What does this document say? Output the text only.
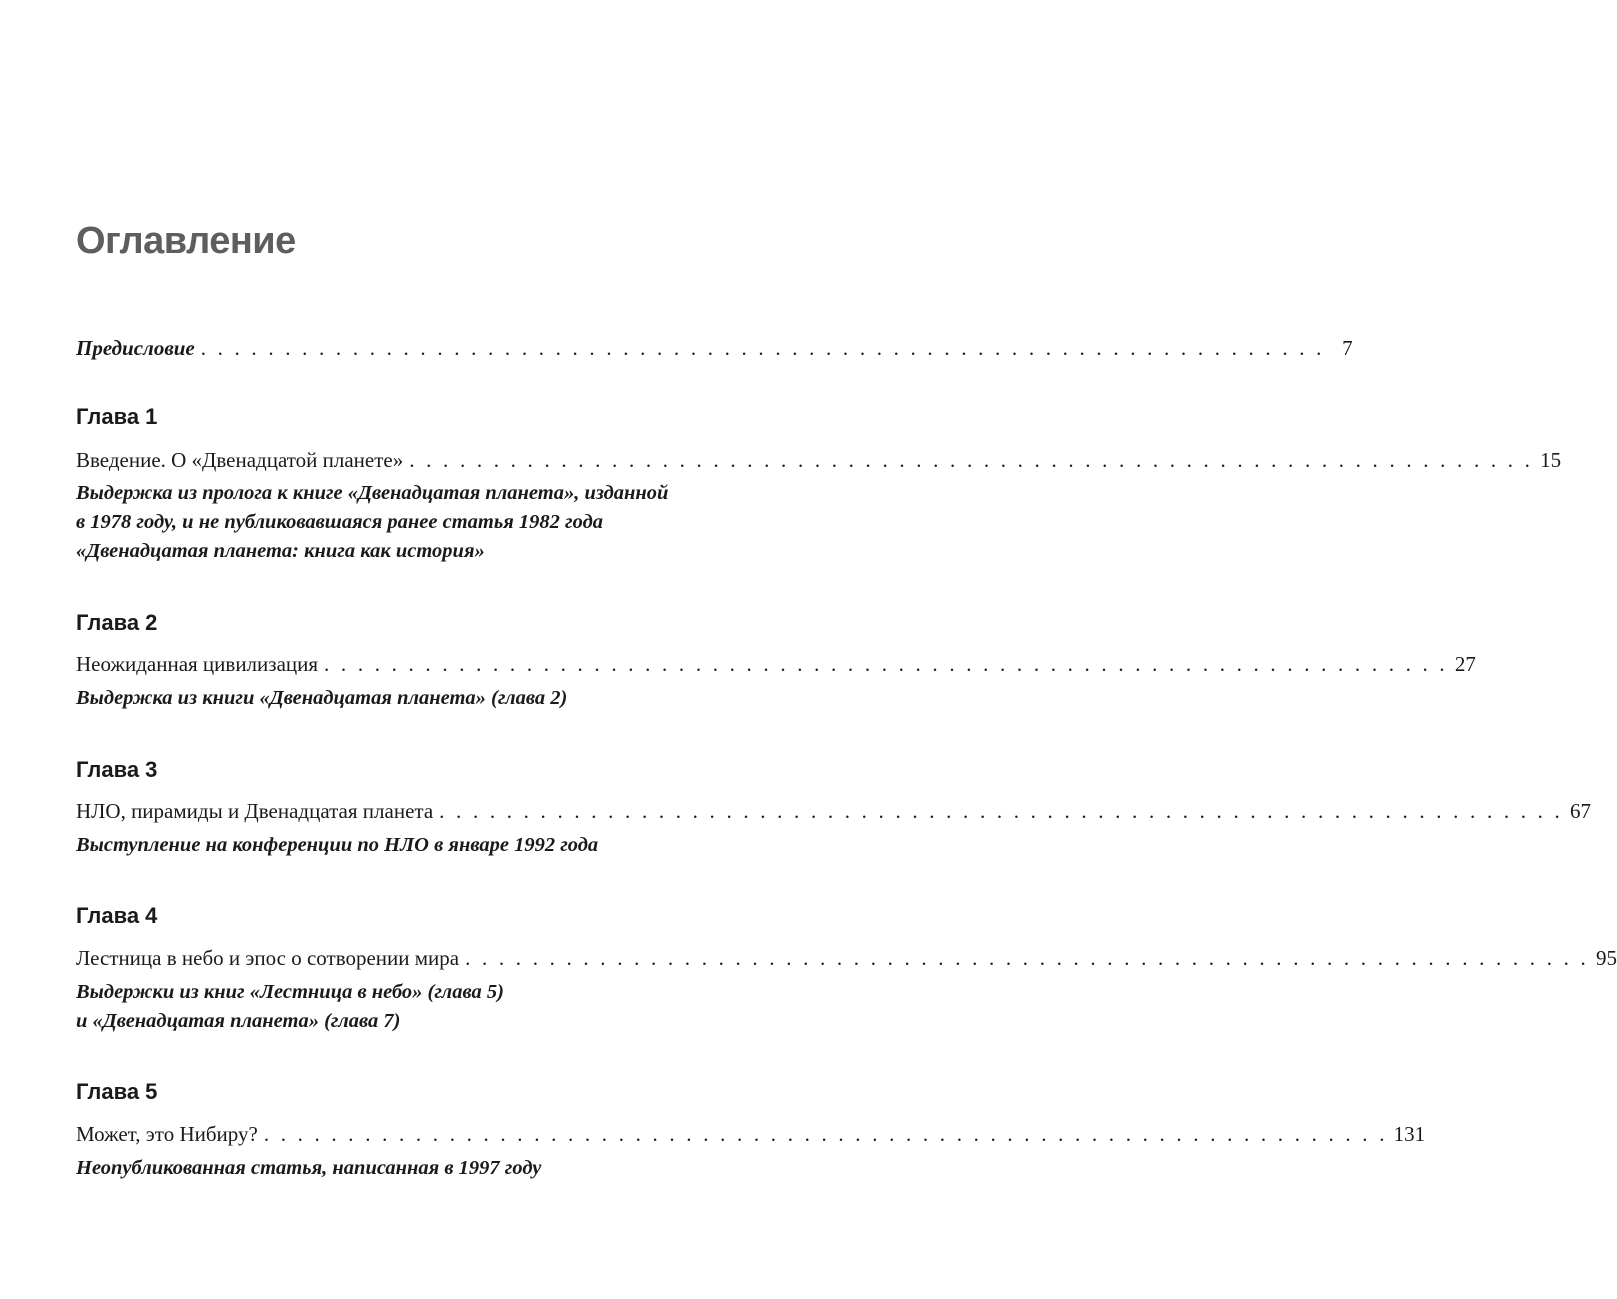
Оглавление
Предисловие . . . . . . . . . . . . . . . . . . . . . . . . . . . . . . . . . . . . . . . . . . . . . . . . . . . . . . . . . . . . . . . . . . . 7
Глава 1
Введение. О «Двенадцатой планете» . . . . . . . . . . . . . . . . . . . . . . . . . . . . . . . . . . . . . . . . . . . . . . . . . . . . . . . . . . . . . . . . . . . 15
Выдержка из пролога к книге «Двенадцатая планета», изданной
в 1978 году, и не публиковавшаяся ранее статья 1982 года
«Двенадцатая планета: книга как история»
Глава 2
Неожиданная цивилизация . . . . . . . . . . . . . . . . . . . . . . . . . . . . . . . . . . . . . . . . . . . . . . . . . . . . . . . . . . . . . . . . . . . 27
Выдержка из книги «Двенадцатая планета» (глава 2)
Глава 3
НЛО, пирамиды и Двенадцатая планета . . . . . . . . . . . . . . . . . . . . . . . . . . . . . . . . . . . . . . . . . . . . . . . . . . . . . . . . . . . . . . . . . . . 67
Выступление на конференции по НЛО в январе 1992 года
Глава 4
Лестница в небо и эпос о сотворении мира . . . . . . . . . . . . . . . . . . . . . . . . . . . . . . . . . . . . . . . . . . . . . . . . . . . . . . . . . . . . . . . . . . . 95
Выдержки из книг «Лестница в небо» (глава 5)
и «Двенадцатая планета» (глава 7)
Глава 5
Может, это Нибиру? . . . . . . . . . . . . . . . . . . . . . . . . . . . . . . . . . . . . . . . . . . . . . . . . . . . . . . . . . . . . . . . . . . . 131
Неопубликованная статья, написанная в 1997 году
